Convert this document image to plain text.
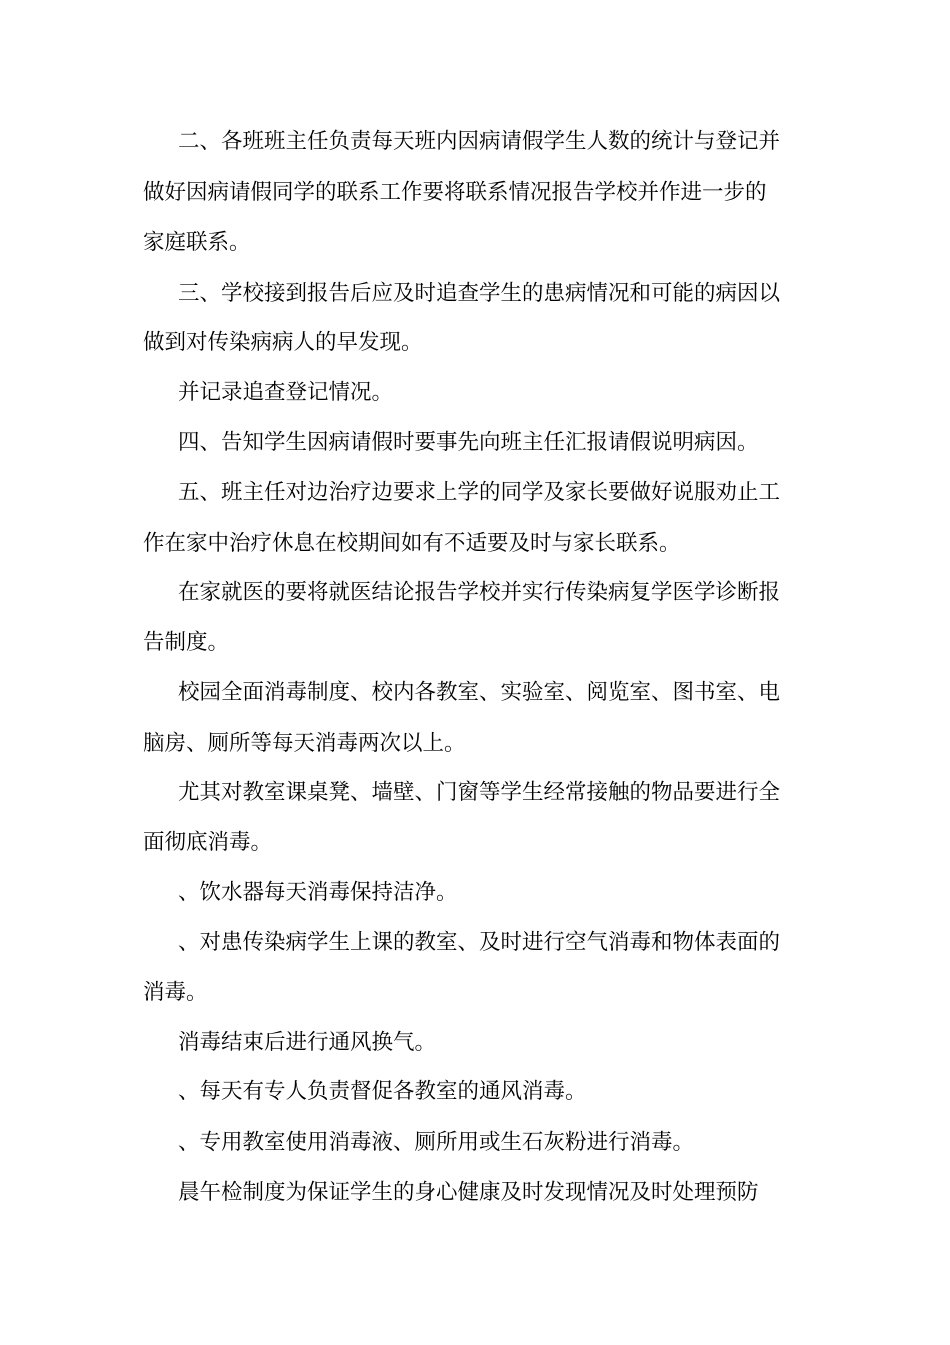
二、各班班主任负责每天班内因病请假学生人数的统计与登记并
做好因病请假同学的联系工作要将联系情况报告学校并作进一步的
家庭联系。
三、学校接到报告后应及时追查学生的患病情况和可能的病因以
做到对传染病病人的早发现。
并记录追查登记情况。
四、告知学生因病请假时要事先向班主任汇报请假说明病因。
五、班主任对边治疗边要求上学的同学及家长要做好说服劝止工
作在家中治疗休息在校期间如有不适要及时与家长联系。
在家就医的要将就医结论报告学校并实行传染病复学医学诊断报
告制度。
校园全面消毒制度、校内各教室、实验室、阅览室、图书室、电
脑房、厕所等每天消毒两次以上。
尤其对教室课桌凳、墙壁、门窗等学生经常接触的物品要进行全
面彻底消毒。
、饮水器每天消毒保持洁净。
、对患传染病学生上课的教室、及时进行空气消毒和物体表面的
消毒。
消毒结束后进行通风换气。
、每天有专人负责督促各教室的通风消毒。
、专用教室使用消毒液、厕所用或生石灰粉进行消毒。
晨午检制度为保证学生的身心健康及时发现情况及时处理预防
